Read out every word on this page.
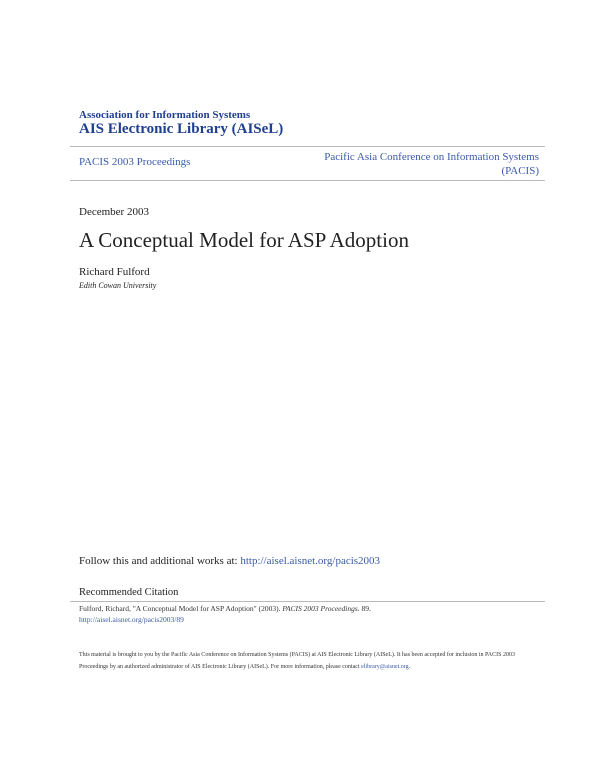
Association for Information Systems
AIS Electronic Library (AISeL)
PACIS 2003 Proceedings	Pacific Asia Conference on Information Systems (PACIS)
December 2003
A Conceptual Model for ASP Adoption
Richard Fulford
Edith Cowan University
Follow this and additional works at: http://aisel.aisnet.org/pacis2003
Recommended Citation
Fulford, Richard, "A Conceptual Model for ASP Adoption" (2003). PACIS 2003 Proceedings. 89.
http://aisel.aisnet.org/pacis2003/89
This material is brought to you by the Pacific Asia Conference on Information Systems (PACIS) at AIS Electronic Library (AISeL). It has been accepted for inclusion in PACIS 2003 Proceedings by an authorized administrator of AIS Electronic Library (AISeL). For more information, please contact elibrary@aisnet.org.
